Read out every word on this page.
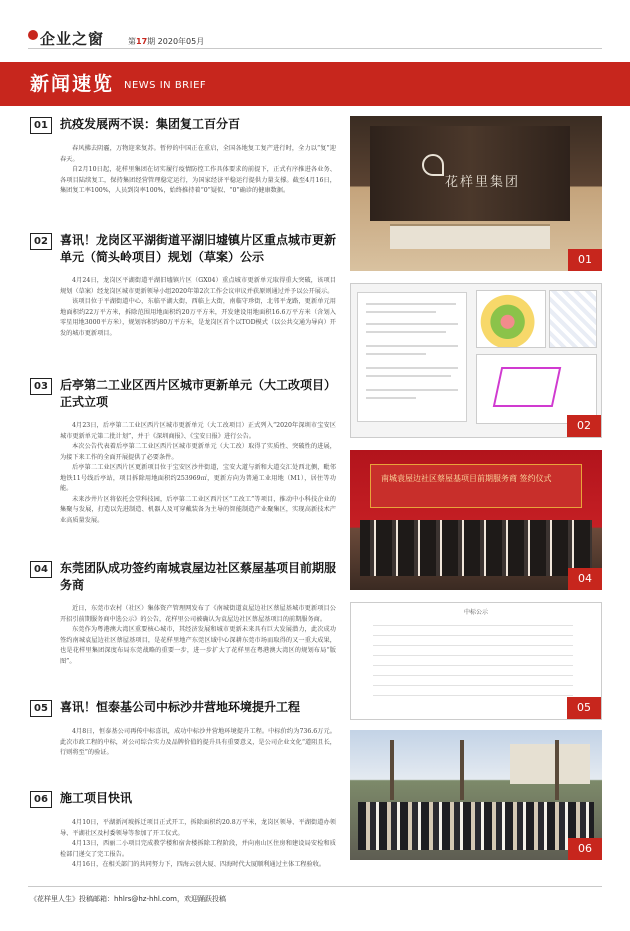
企业之窗	第17期 2020年05月
新闻速览 NEWS IN BRIEF
01	抗疫发展两不误：集团复工百分百

春风拂去阴霾，万物迎来复苏。暂停的中国正在重启，全国各地复工复产进行时，全力以“复”迎春天。

自2月10日起，花样里集团在切实履行疫情防控工作具体要求的前提下，正式有序推进各业务、各项目陆续复工，保持集团经营管理稳定运行，为国家经济平稳运行提供力量支撑。截至4月16日，集团复工率100%，人员到岗率100%，始终推持着“0”疑似、“0”确诊的健康数据。

02	喜讯！龙岗区平湖街道平湖旧墟镇片区重点城市更新单元（简头岭项目）规划（草案）公示

4月24日，龙岗区平湖街道平湖旧墟镇片区（GX04）重点城市更新单元取得重大突破，该项目规划（草案）经龙岗区城市更新领导小组2020年第2次工作会议审议并获原则通过并予以公开展示。

该项目位于平湖街道中心，东临平湖大街，西临上大街，南临守珍街，北邻平龙路，更新单元用地面积约22万平方米，拆除范围用地面积约20万平方米，开发建设用地面积16.6万平方米（含划入零星用地3000平方米），规划容积约80万平方米，是龙岗区首个以TOD模式（以公共交通为导向）开发的城市更新项目。

03	后亭第二工业区西片区城市更新单元（大工改项目）正式立项

4月23日，后亭第二工业区西片区城市更新单元（大工改项目）正式列入“2020年深圳市宝安区城市更新单元第二批计划”，并于《深圳商报》、《宝安日报》进行公告。

本次公告代表着后亭第二工业区西片区城市更新单元（大工改）取得了实质性、突破性的进展，为接下来工作的全面开展提供了必要条件。

后亭第二工业区西片区更新项目位于宝安区沙井街道，宝安大道与新和大道交汇处西北侧，毗邻地铁11号线后亭站，项目拆除用地面积约253969㎡，更新方向为普通工业用地（M1），居住等功能。

未来沙井片区将依托会堂科技园，后亭第二工业区西片区“工改工”等项目，推动中小科技企业的集聚与发展，打造以先进制造、机器人及可穿戴装备为主导的智能制造产业聚集区，实现高新技术产业高质量发展。

04	东莞团队成功签约南城袁屋边社区蔡屋基项目前期服务商

近日，东莞市农村（社区）集体资产管理网发布了《南城街道袁屋边社区蔡屋基城市更新项目公开招引前期服务商中选公示》的公告，花样里公司被确认为袁屋边社区蔡屋基项目的前期服务商。

东莞作为粤港澳大湾区重要核心城市，其经济发展和城市更新未来具有巨大发展潜力，此次成功签约南城袁屋边社区蔡屋基项目，是花样里地产东莞区域中心深耕东莞市场而取得的又一重大成果，也是花样里集团深度布局东莞战略的重要一步，进一步扩大了花样里在粤港澳大湾区的规划布局“版图”。

05	喜讯！恒泰基公司中标沙井营地环境提升工程

4月8日，恒泰基公司再传中标喜讯，成功中标沙井营地环境提升工程。中标价约为736.6万元。此次市政工程的中标，对公司综合实力及品牌价值的提升具有重要意义，是公司企业文化“道阻且长，行则将至”的验证。

06	施工项目快讯

4月10日，平湖新河坡拆迁项目正式开工，拆除面积约20.8万平米，龙岗区领导、平湖街道办领导、平湖社区及村委领导等参加了开工仪式。

4月13日，西丽二小项目完成教学楼和宿舍楼拆除工程阶段，并向南山区住房和建设局安检和质检部门递交了完工报告。

4月16日，在相关部门的共同努力下，四海云创大厦、四海时代大厦顺利通过主体工程验收。

花样里集团
01
02
南城袁屋边社区蔡屋基项目前期服务商 签约仪式
04
中标公示
05
06
《花样里人生》投稿邮箱：hhlrs@hz-hhl.com，欢迎踊跃投稿
